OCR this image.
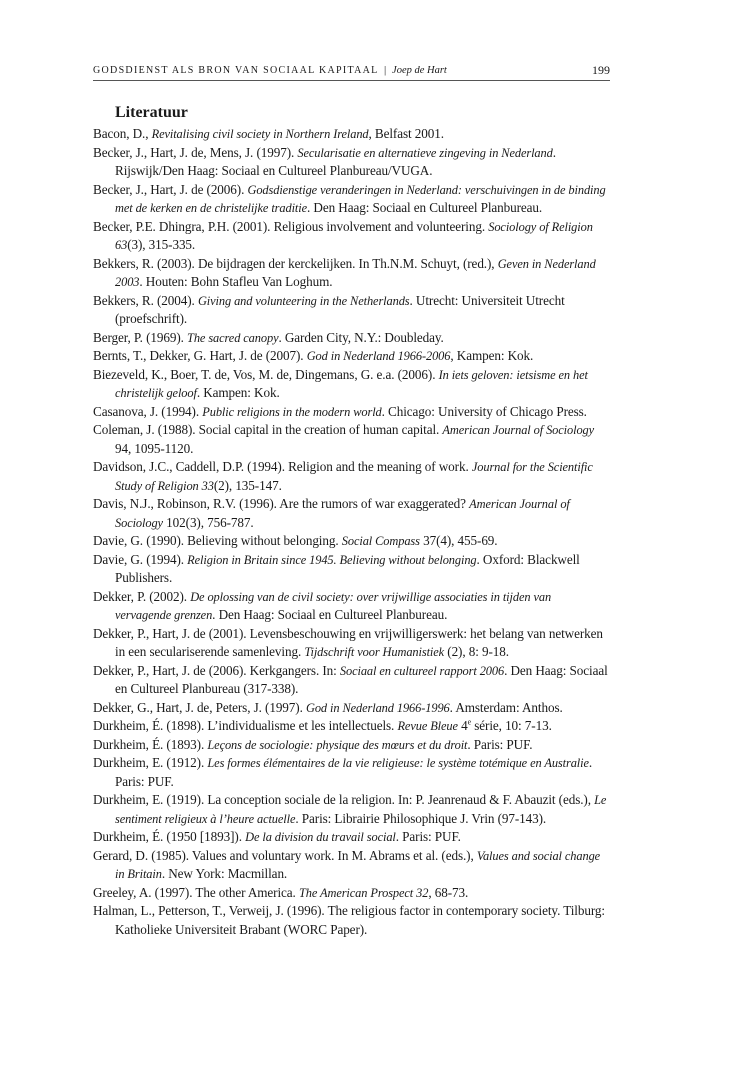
GODSDIENST ALS BRON VAN SOCIAAL KAPITAAL | Joep de Hart	199
Literatuur
Bacon, D., Revitalising civil society in Northern Ireland, Belfast 2001.
Becker, J., Hart, J. de, Mens, J. (1997). Secularisatie en alternatieve zingeving in Nederland. Rijswijk/Den Haag: Sociaal en Cultureel Planbureau/VUGA.
Becker, J., Hart, J. de (2006). Godsdienstige veranderingen in Nederland: verschuivingen in de binding met de kerken en de christelijke traditie. Den Haag: Sociaal en Cultureel Planbureau.
Becker, P.E. Dhingra, P.H. (2001). Religious involvement and volunteering. Sociology of Religion 63(3), 315-335.
Bekkers, R. (2003). De bijdragen der kerckelijken. In Th.N.M. Schuyt, (red.), Geven in Nederland 2003. Houten: Bohn Stafleu Van Loghum.
Bekkers, R. (2004). Giving and volunteering in the Netherlands. Utrecht: Universiteit Utrecht (proefschrift).
Berger, P. (1969). The sacred canopy. Garden City, N.Y.: Doubleday.
Bernts, T., Dekker, G. Hart, J. de (2007). God in Nederland 1966-2006, Kampen: Kok.
Biezeveld, K., Boer, T. de, Vos, M. de, Dingemans, G. e.a. (2006). In iets geloven: ietsisme en het christelijk geloof. Kampen: Kok.
Casanova, J. (1994). Public religions in the modern world. Chicago: University of Chicago Press.
Coleman, J. (1988). Social capital in the creation of human capital. American Journal of Sociology 94, 1095-1120.
Davidson, J.C., Caddell, D.P. (1994). Religion and the meaning of work. Journal for the Scientific Study of Religion 33(2), 135-147.
Davis, N.J., Robinson, R.V. (1996). Are the rumors of war exaggerated? American Journal of Sociology 102(3), 756-787.
Davie, G. (1990). Believing without belonging. Social Compass 37(4), 455-69.
Davie, G. (1994). Religion in Britain since 1945. Believing without belonging. Oxford: Blackwell Publishers.
Dekker, P. (2002). De oplossing van de civil society: over vrijwillige associaties in tijden van vervagende grenzen. Den Haag: Sociaal en Cultureel Planbureau.
Dekker, P., Hart, J. de (2001). Levensbeschouwing en vrijwilligerswerk: het belang van netwerken in een seculariserende samenleving. Tijdschrift voor Humanistiek (2), 8: 9-18.
Dekker, P., Hart, J. de (2006). Kerkgangers. In: Sociaal en cultureel rapport 2006. Den Haag: Sociaal en Cultureel Planbureau (317-338).
Dekker, G., Hart, J. de, Peters, J. (1997). God in Nederland 1966-1996. Amsterdam: Anthos.
Durkheim, É. (1898). L’individualisme et les intellectuels. Revue Bleue 4e série, 10: 7-13.
Durkheim, É. (1893). Leçons de sociologie: physique des mœurs et du droit. Paris: PUF.
Durkheim, E. (1912). Les formes élémentaires de la vie religieuse: le système totémique en Australie. Paris: PUF.
Durkheim, E. (1919). La conception sociale de la religion. In: P. Jeanrenaud & F. Abauzit (eds.), Le sentiment religieux à l’heure actuelle. Paris: Librairie Philosophique J. Vrin (97-143).
Durkheim, É. (1950 [1893]). De la division du travail social. Paris: PUF.
Gerard, D. (1985). Values and voluntary work. In M. Abrams et al. (eds.), Values and social change in Britain. New York: Macmillan.
Greeley, A. (1997). The other America. The American Prospect 32, 68-73.
Halman, L., Petterson, T., Verweij, J. (1996). The religious factor in contemporary society. Tilburg: Katholieke Universiteit Brabant (WORC Paper).
